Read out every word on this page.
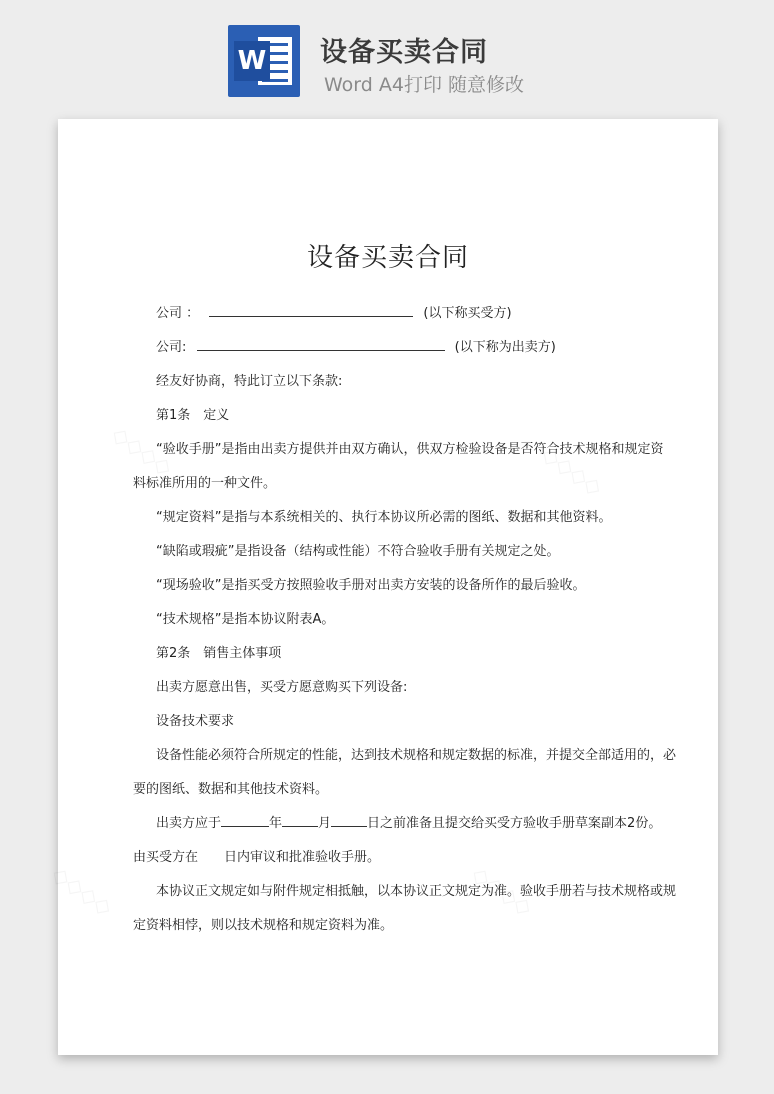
W 设备买卖合同
Word A4打印 随意修改
设备买卖合同
公司 ：	(以下称买受方)
公司:	(以下称为出卖方)
经友好协商，特此订立以下条款:
第1条　定义
“验收手册”是指由出卖方提供并由双方确认，供双方检验设备是否符合技术规格和规定资
料标准所用的一种文件。
“规定资料”是指与本系统相关的、执行本协议所必需的图纸、数据和其他资料。
“缺陷或瑕疵”是指设备（结构或性能）不符合验收手册有关规定之处。
“现场验收”是指买受方按照验收手册对出卖方安装的设备所作的最后验收。
“技术规格”是指本协议附表A。
第2条　销售主体事项
出卖方愿意出售，买受方愿意购买下列设备:
设备技术要求
设备性能必须符合所规定的性能，达到技术规格和规定数据的标准，并提交全部适用的，必
要的图纸、数据和其他技术资料。
出卖方应于	年	月	日之前准备且提交给买受方验收手册草案副本2份。
由买受方在 日内审议和批准验收手册。
本协议正文规定如与附件规定相抵触，以本协议正文规定为准。验收手册若与技术规格或规
定资料相悖，则以技术规格和规定资料为准。
